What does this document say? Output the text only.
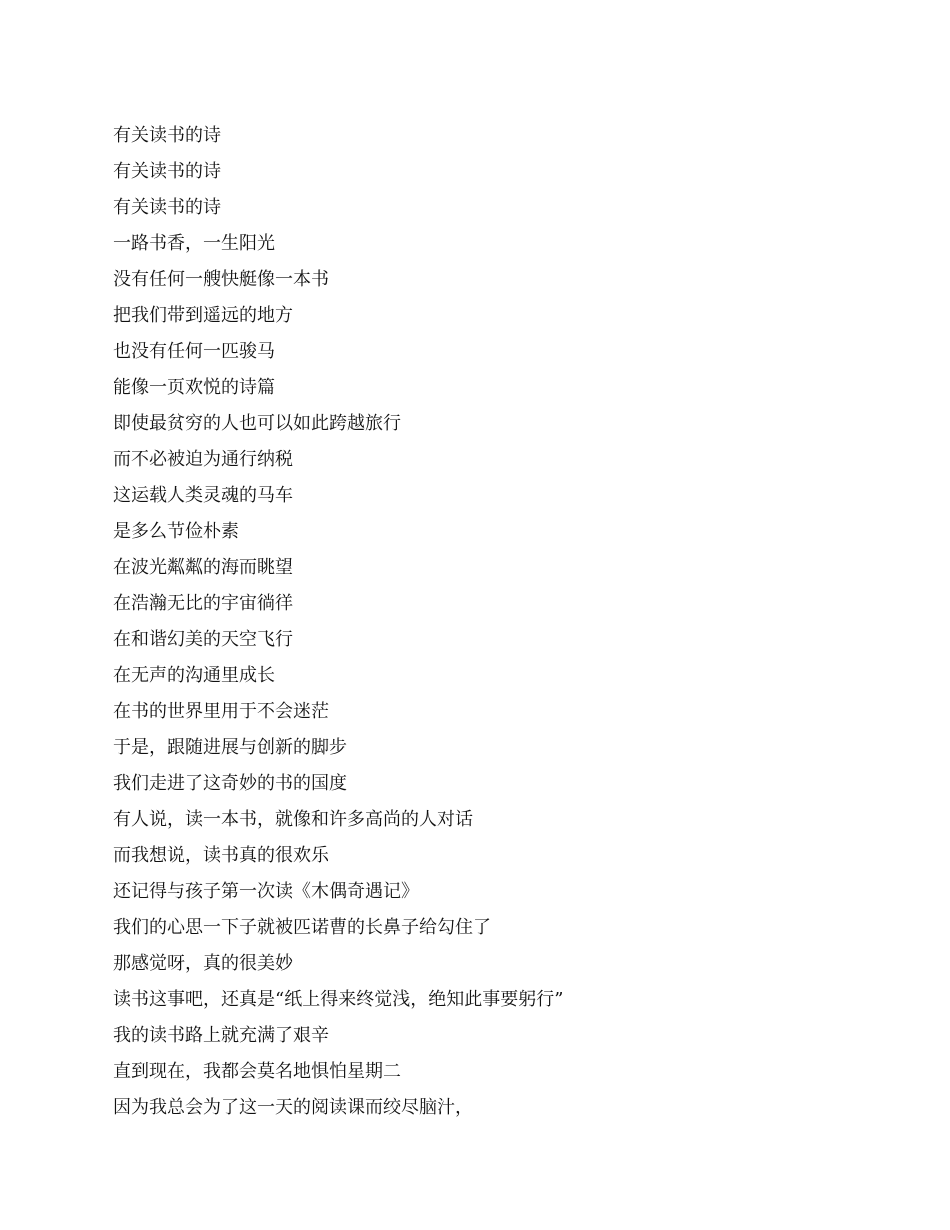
有关读书的诗

有关读书的诗

有关读书的诗

一路书香，一生阳光

没有任何一艘快艇像一本书

把我们带到遥远的地方

也没有任何一匹骏马

能像一页欢悦的诗篇

即使最贫穷的人也可以如此跨越旅行

而不必被迫为通行纳税

这运载人类灵魂的马车

是多么节俭朴素

在波光粼粼的海而眺望

在浩瀚无比的宇宙徜徉

在和谐幻美的天空飞行

在无声的沟通里成长

在书的世界里用于不会迷茫

于是，跟随进展与创新的脚步

我们走进了这奇妙的书的国度

有人说，读一本书，就像和许多高尚的人对话

而我想说，读书真的很欢乐

还记得与孩子第一次读《木偶奇遇记》

我们的心思一下子就被匹诺曹的长鼻子给勾住了

那感觉呀，真的很美妙

读书这事吧，还真是“纸上得来终觉浅，绝知此事要躬行”

我的读书路上就充满了艰辛

直到现在，我都会莫名地惧怕星期二

因为我总会为了这一天的阅读课而绞尽脑汁，
